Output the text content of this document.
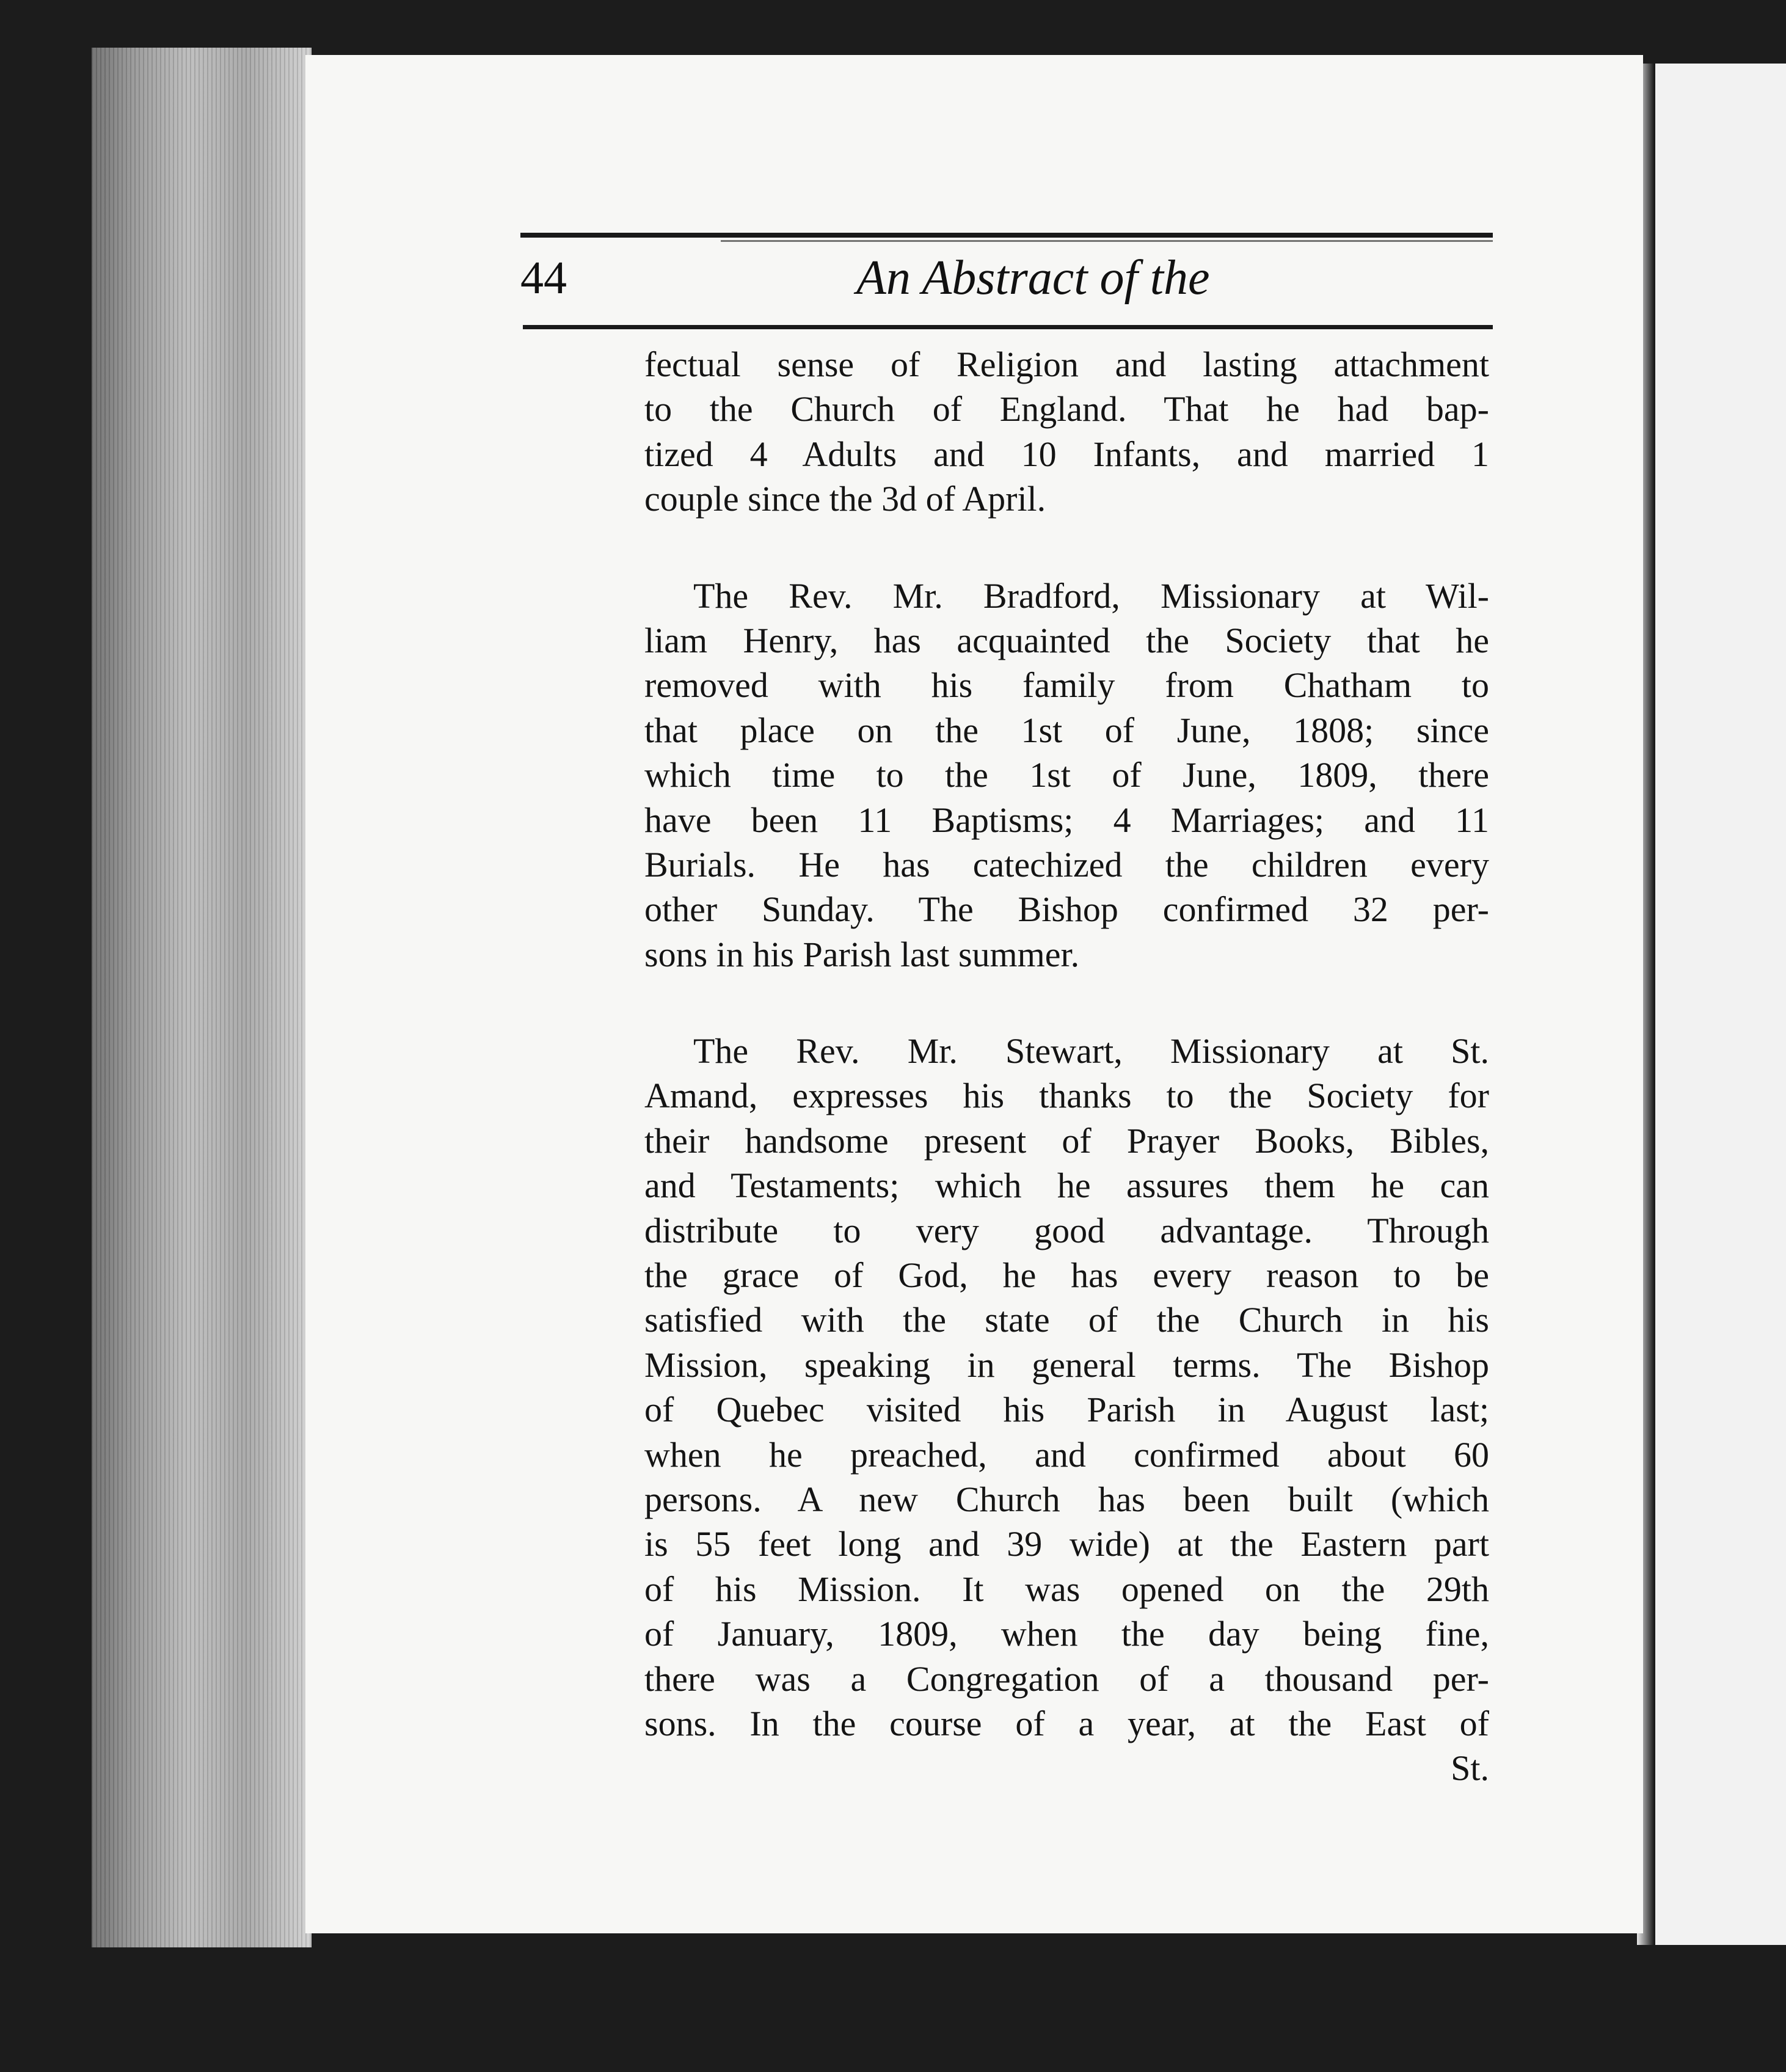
44	An Abstract of the
fectual sense of Religion and lasting attachment
to the Church of England. That he had bap-
tized 4 Adults and 10 Infants, and married 1
couple since the 3d of April.
The Rev. Mr. Bradford, Missionary at Wil-
liam Henry, has acquainted the Society that he
removed with his family from Chatham to
that place on the 1st of June, 1808; since
which time to the 1st of June, 1809, there
have been 11 Baptisms; 4 Marriages; and 11
Burials. He has catechized the children every
other Sunday. The Bishop confirmed 32 per-
sons in his Parish last summer.
The Rev. Mr. Stewart, Missionary at St.
Amand, expresses his thanks to the Society for
their handsome present of Prayer Books, Bibles,
and Testaments; which he assures them he can
distribute to very good advantage. Through
the grace of God, he has every reason to be
satisfied with the state of the Church in his
Mission, speaking in general terms. The Bishop
of Quebec visited his Parish in August last;
when he preached, and confirmed about 60
persons. A new Church has been built (which
is 55 feet long and 39 wide) at the Eastern part
of his Mission. It was opened on the 29th
of January, 1809, when the day being fine,
there was a Congregation of a thousand per-
sons. In the course of a year, at the East of
St.
